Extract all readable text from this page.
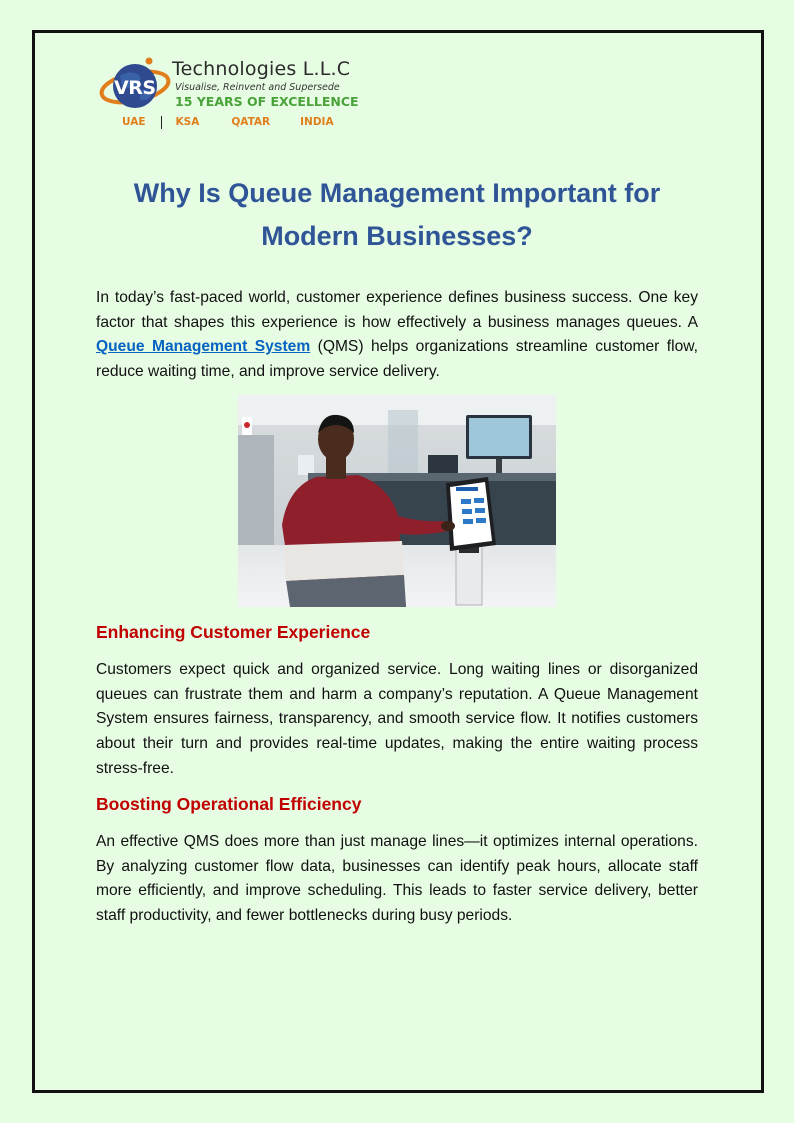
VRS
Technologies L.L.C
Visualise, Reinvent and Supersede
15 YEARS OF EXCELLENCE
UAE	KSA	QATAR	INDIA
Why Is Queue Management Important for
Modern Businesses?

In today’s fast-paced world, customer experience defines business success. One key factor that shapes this experience is how effectively a business manages queues. A Queue Management System (QMS) helps organizations streamline customer flow, reduce waiting time, and improve service delivery.

Enhancing Customer Experience

Customers expect quick and organized service. Long waiting lines or disorganized queues can frustrate them and harm a company’s reputation. A Queue Management System ensures fairness, transparency, and smooth service flow. It notifies customers about their turn and provides real-time updates, making the entire waiting process stress-free.

Boosting Operational Efficiency

An effective QMS does more than just manage lines—it optimizes internal operations. By analyzing customer flow data, businesses can identify peak hours, allocate staff more efficiently, and improve scheduling. This leads to faster service delivery, better staff productivity, and fewer bottlenecks during busy periods.
